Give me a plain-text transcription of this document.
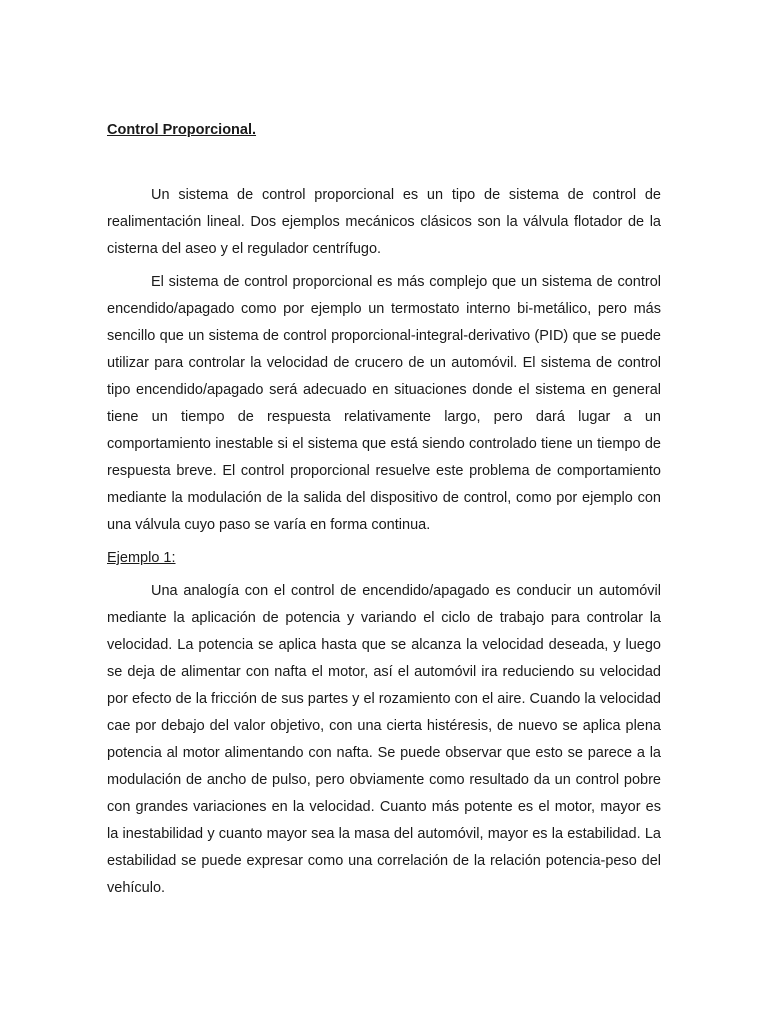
Control Proporcional.

Un sistema de control proporcional es un tipo de sistema de control de realimentación lineal. Dos ejemplos mecánicos clásicos son la válvula flotador de la cisterna del aseo y el regulador centrífugo.

El sistema de control proporcional es más complejo que un sistema de control encendido/apagado como por ejemplo un termostato interno bi-metálico, pero más sencillo que un sistema de control proporcional-integral-derivativo (PID) que se puede utilizar para controlar la velocidad de crucero de un automóvil. El sistema de control tipo encendido/apagado será adecuado en situaciones donde el sistema en general tiene un tiempo de respuesta relativamente largo, pero dará lugar a un comportamiento inestable si el sistema que está siendo controlado tiene un tiempo de respuesta breve. El control proporcional resuelve este problema de comportamiento mediante la modulación de la salida del dispositivo de control, como por ejemplo con una válvula cuyo paso se varía en forma continua.

Ejemplo 1:

Una analogía con el control de encendido/apagado es conducir un automóvil mediante la aplicación de potencia y variando el ciclo de trabajo para controlar la velocidad. La potencia se aplica hasta que se alcanza la velocidad deseada, y luego se deja de alimentar con nafta el motor, así el automóvil ira reduciendo su velocidad por efecto de la fricción de sus partes y el rozamiento con el aire. Cuando la velocidad cae por debajo del valor objetivo, con una cierta histéresis, de nuevo se aplica plena potencia al motor alimentando con nafta. Se puede observar que esto se parece a la modulación de ancho de pulso, pero obviamente como resultado da un control pobre con grandes variaciones en la velocidad. Cuanto más potente es el motor, mayor es la inestabilidad y cuanto mayor sea la masa del automóvil, mayor es la estabilidad. La estabilidad se puede expresar como una correlación de la relación potencia-peso del vehículo.
